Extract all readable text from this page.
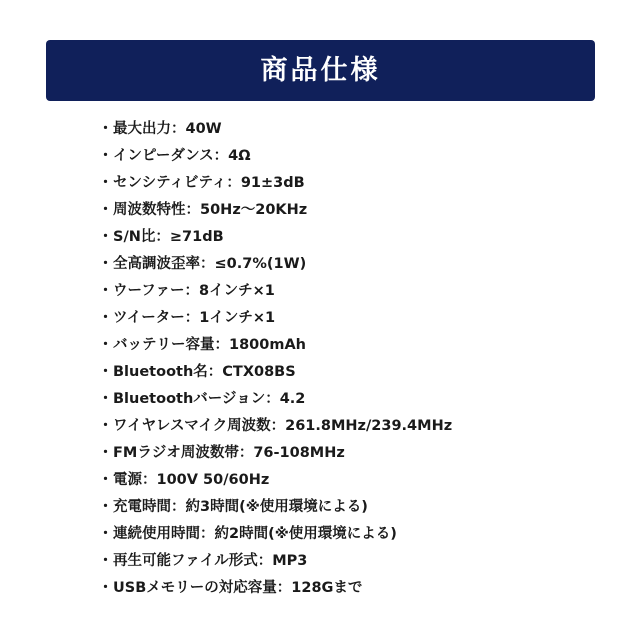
商品仕様
・ 最大出力：40W
・ インピーダンス：4Ω
・ センシティビティ：91±3dB
・ 周波数特性：50Hz〜20KHz
・ S/N比：≥71dB
・ 全高調波歪率：≤0.7%(1W)
・ ウーファー：8インチ×1
・ ツイーター：1インチ×1
・ バッテリー容量：1800mAh
・ Bluetooth名：CTX08BS
・ Bluetoothバージョン：4.2
・ ワイヤレスマイク周波数：261.8MHz/239.4MHz
・ FMラジオ周波数帯：76-108MHz
・ 電源：100V 50/60Hz
・ 充電時間：約3時間(※使用環境による)
・ 連続使用時間：約2時間(※使用環境による)
・ 再生可能ファイル形式：MP3
・ USBメモリーの対応容量：128Gまで
